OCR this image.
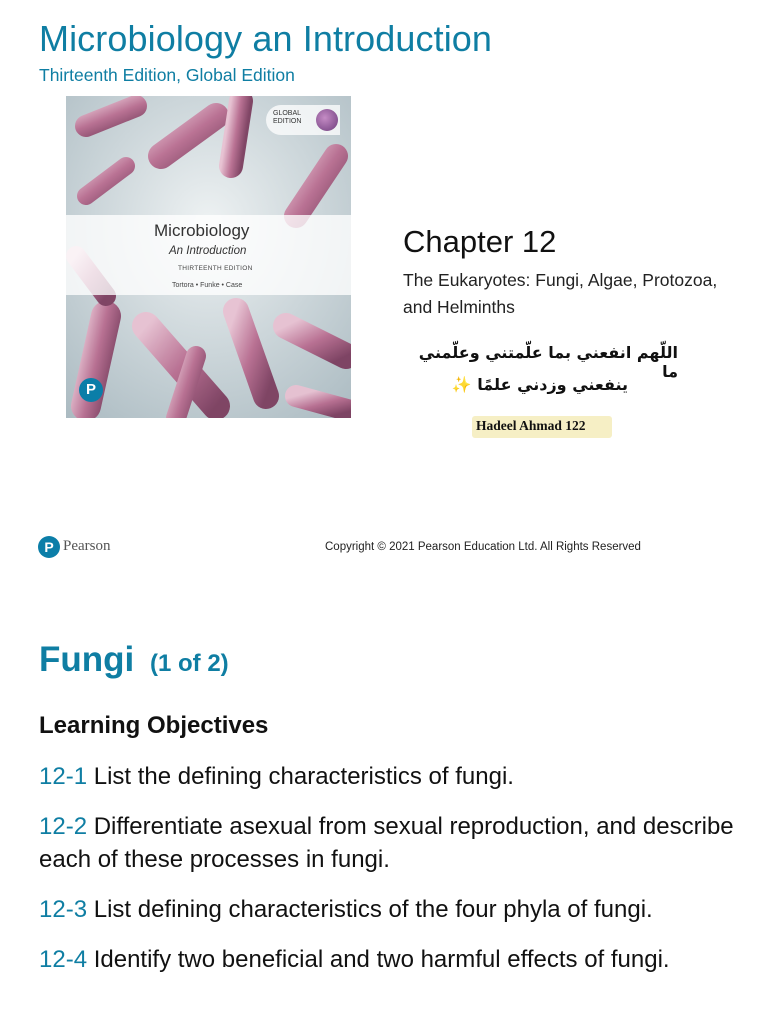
Microbiology an Introduction
Thirteenth Edition, Global Edition
Microbiology
An Introduction
THIRTEENTH EDITION
Tortora • Funke • Case
GLOBAL EDITION
P
Chapter 12
The Eukaryotes: Fungi, Algae, Protozoa, and Helminths
اللّهم انفعني بما علّمتني وعلّمني ما
ينفعني وزدني علمًا ✨
Hadeel Ahmad 122
P Pearson	Copyright © 2021 Pearson Education Ltd. All Rights Reserved
Fungi (1 of 2)
Learning Objectives
12-1 List the defining characteristics of fungi.
12-2 Differentiate asexual from sexual reproduction, and describe each of these processes in fungi.
12-3 List defining characteristics of the four phyla of fungi.
12-4 Identify two beneficial and two harmful effects of fungi.
